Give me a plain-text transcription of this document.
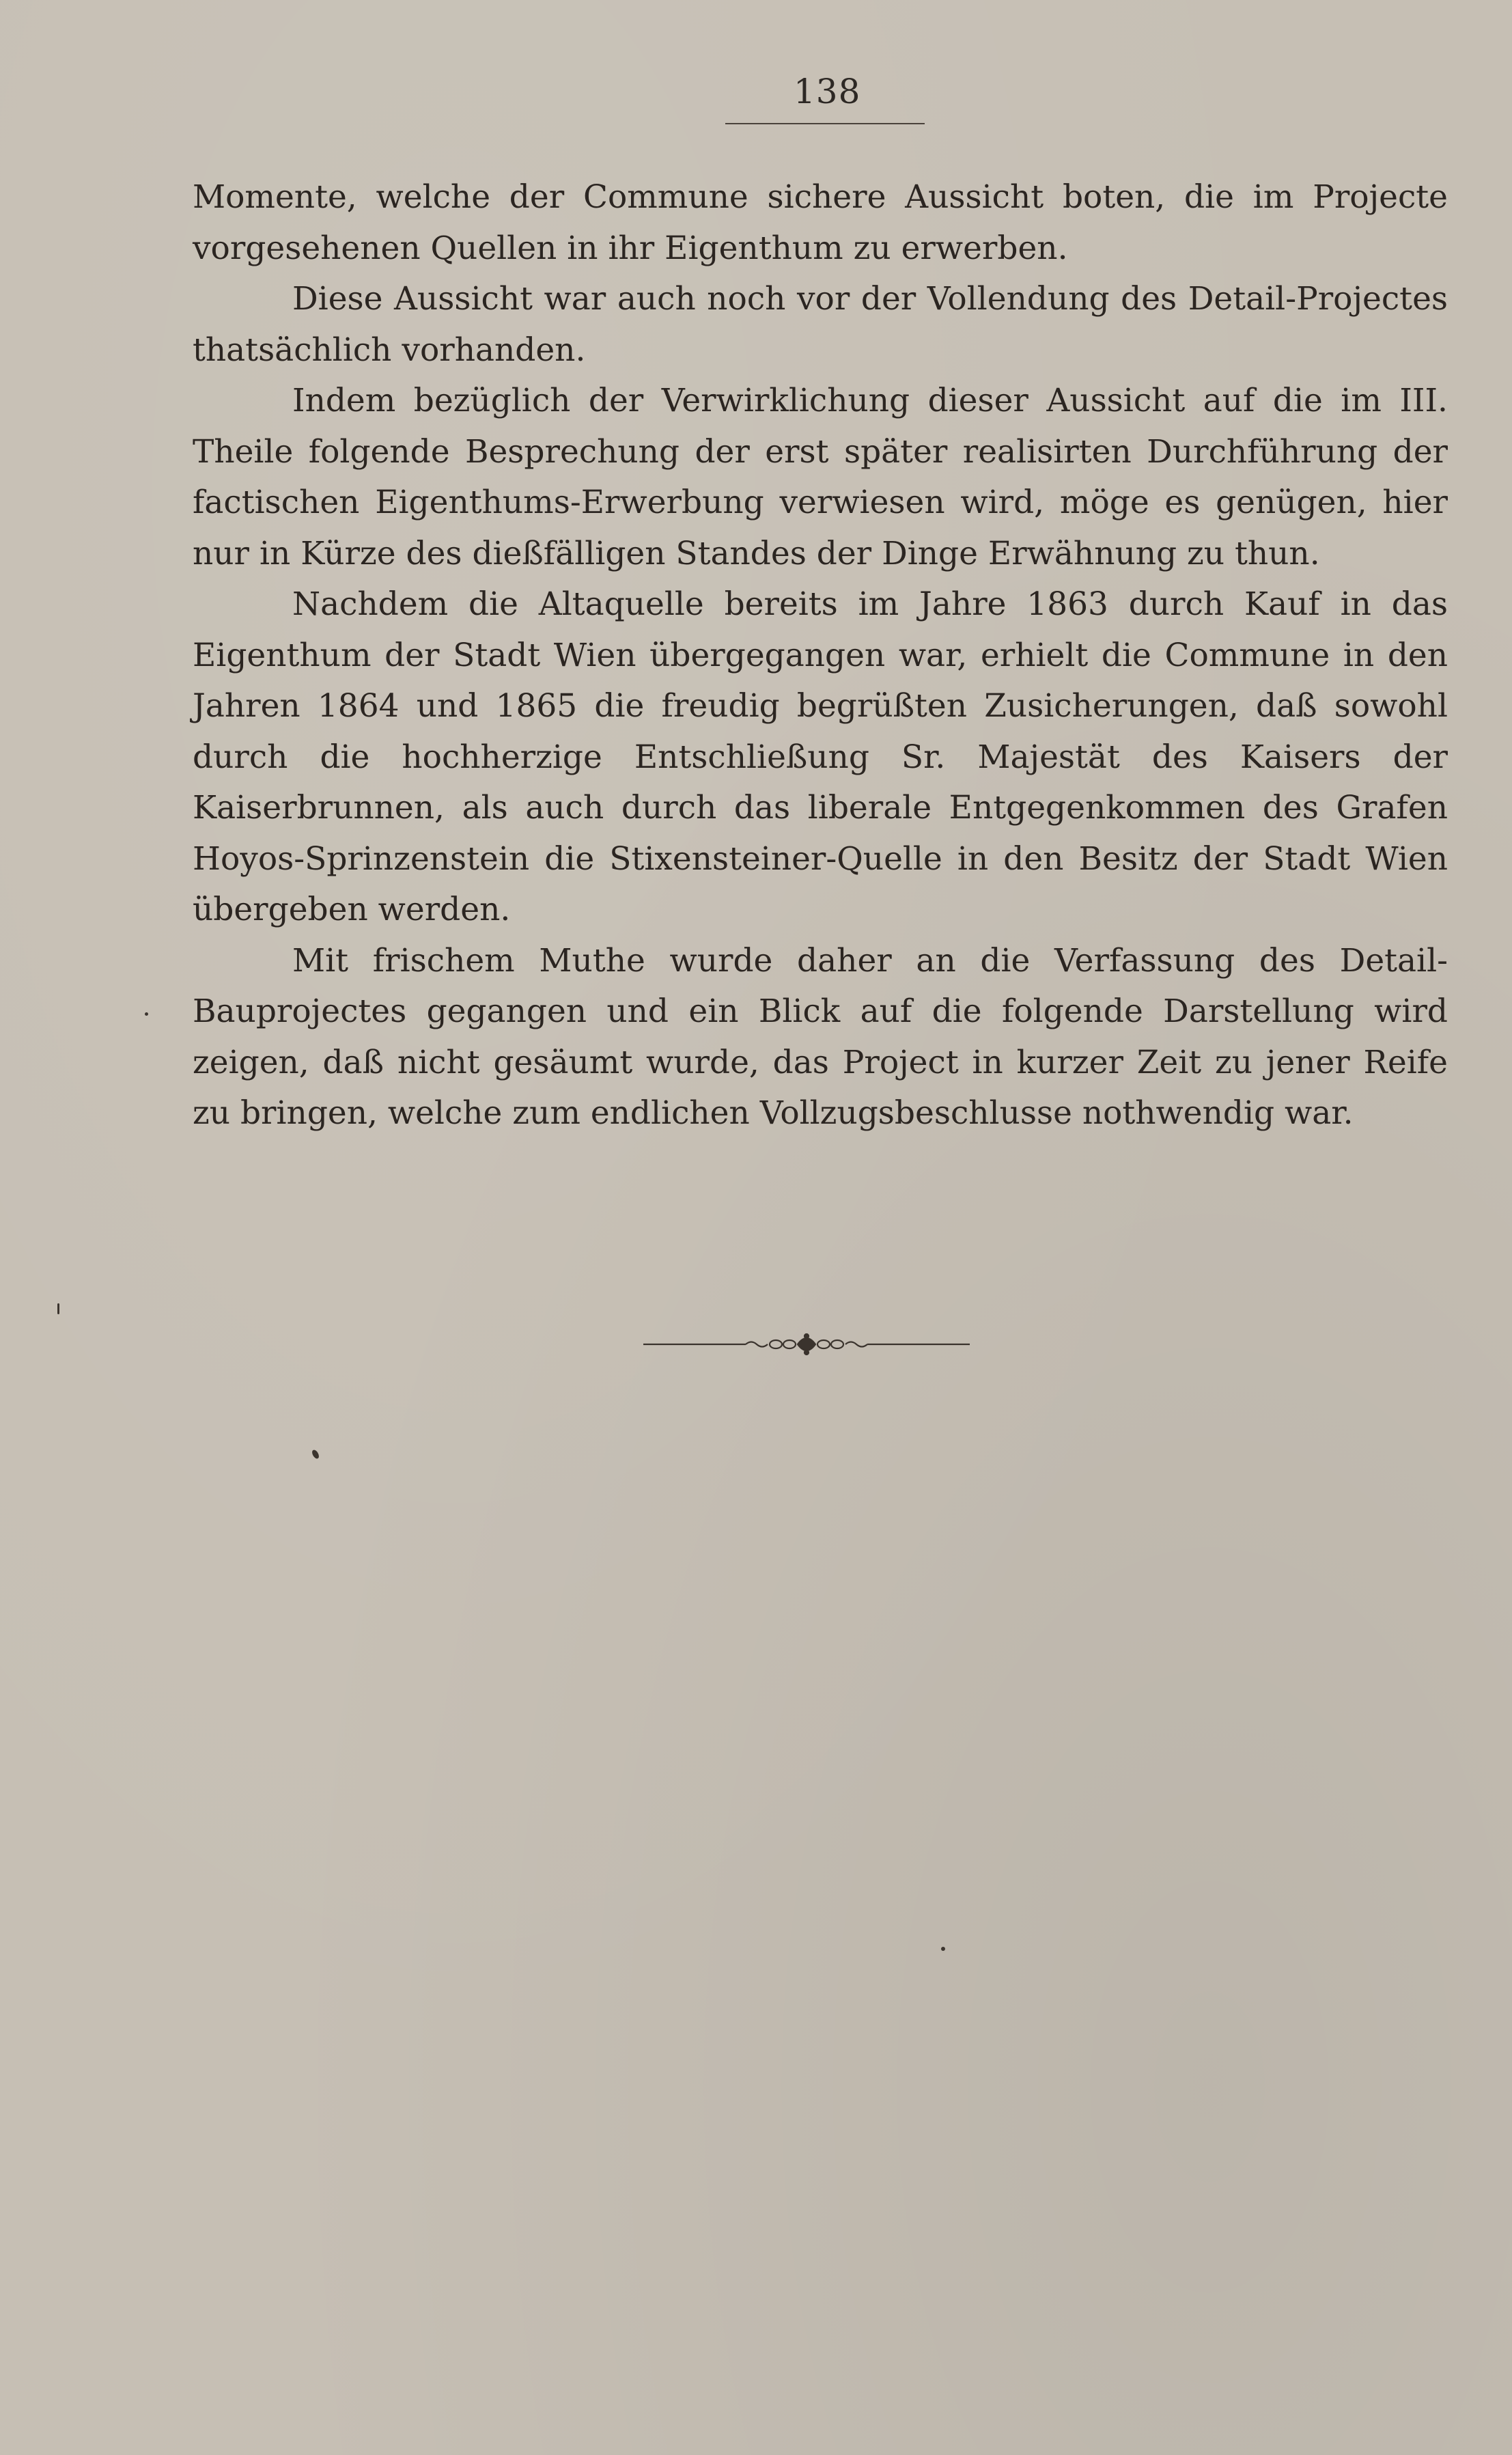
138

Momente, welche der Commune sichere Aussicht boten, die im Projecte vorgesehenen Quellen in ihr Eigenthum zu erwerben.

Diese Aussicht war auch noch vor der Vollendung des Detail-Projectes thatsächlich vorhanden.

Indem bezüglich der Verwirklichung dieser Aussicht auf die im III. Theile folgende Besprechung der erst später realisirten Durchführung der factischen Eigenthums-Erwerbung verwiesen wird, möge es genügen, hier nur in Kürze des dießfälligen Standes der Dinge Erwähnung zu thun.

Nachdem die Altaquelle bereits im Jahre 1863 durch Kauf in das Eigenthum der Stadt Wien übergegangen war, erhielt die Commune in den Jahren 1864 und 1865 die freudig begrüßten Zusicherungen, daß sowohl durch die hochherzige Entschließung Sr. Majestät des Kaisers der Kaiserbrunnen, als auch durch das liberale Entgegenkommen des Grafen Hoyos-Sprinzenstein die Stixensteiner-Quelle in den Besitz der Stadt Wien übergeben werden.

Mit frischem Muthe wurde daher an die Verfassung des Detail-Bauprojectes gegangen und ein Blick auf die folgende Darstellung wird zeigen, daß nicht gesäumt wurde, das Project in kurzer Zeit zu jener Reife zu bringen, welche zum endlichen Vollzugsbeschlusse nothwendig war.
